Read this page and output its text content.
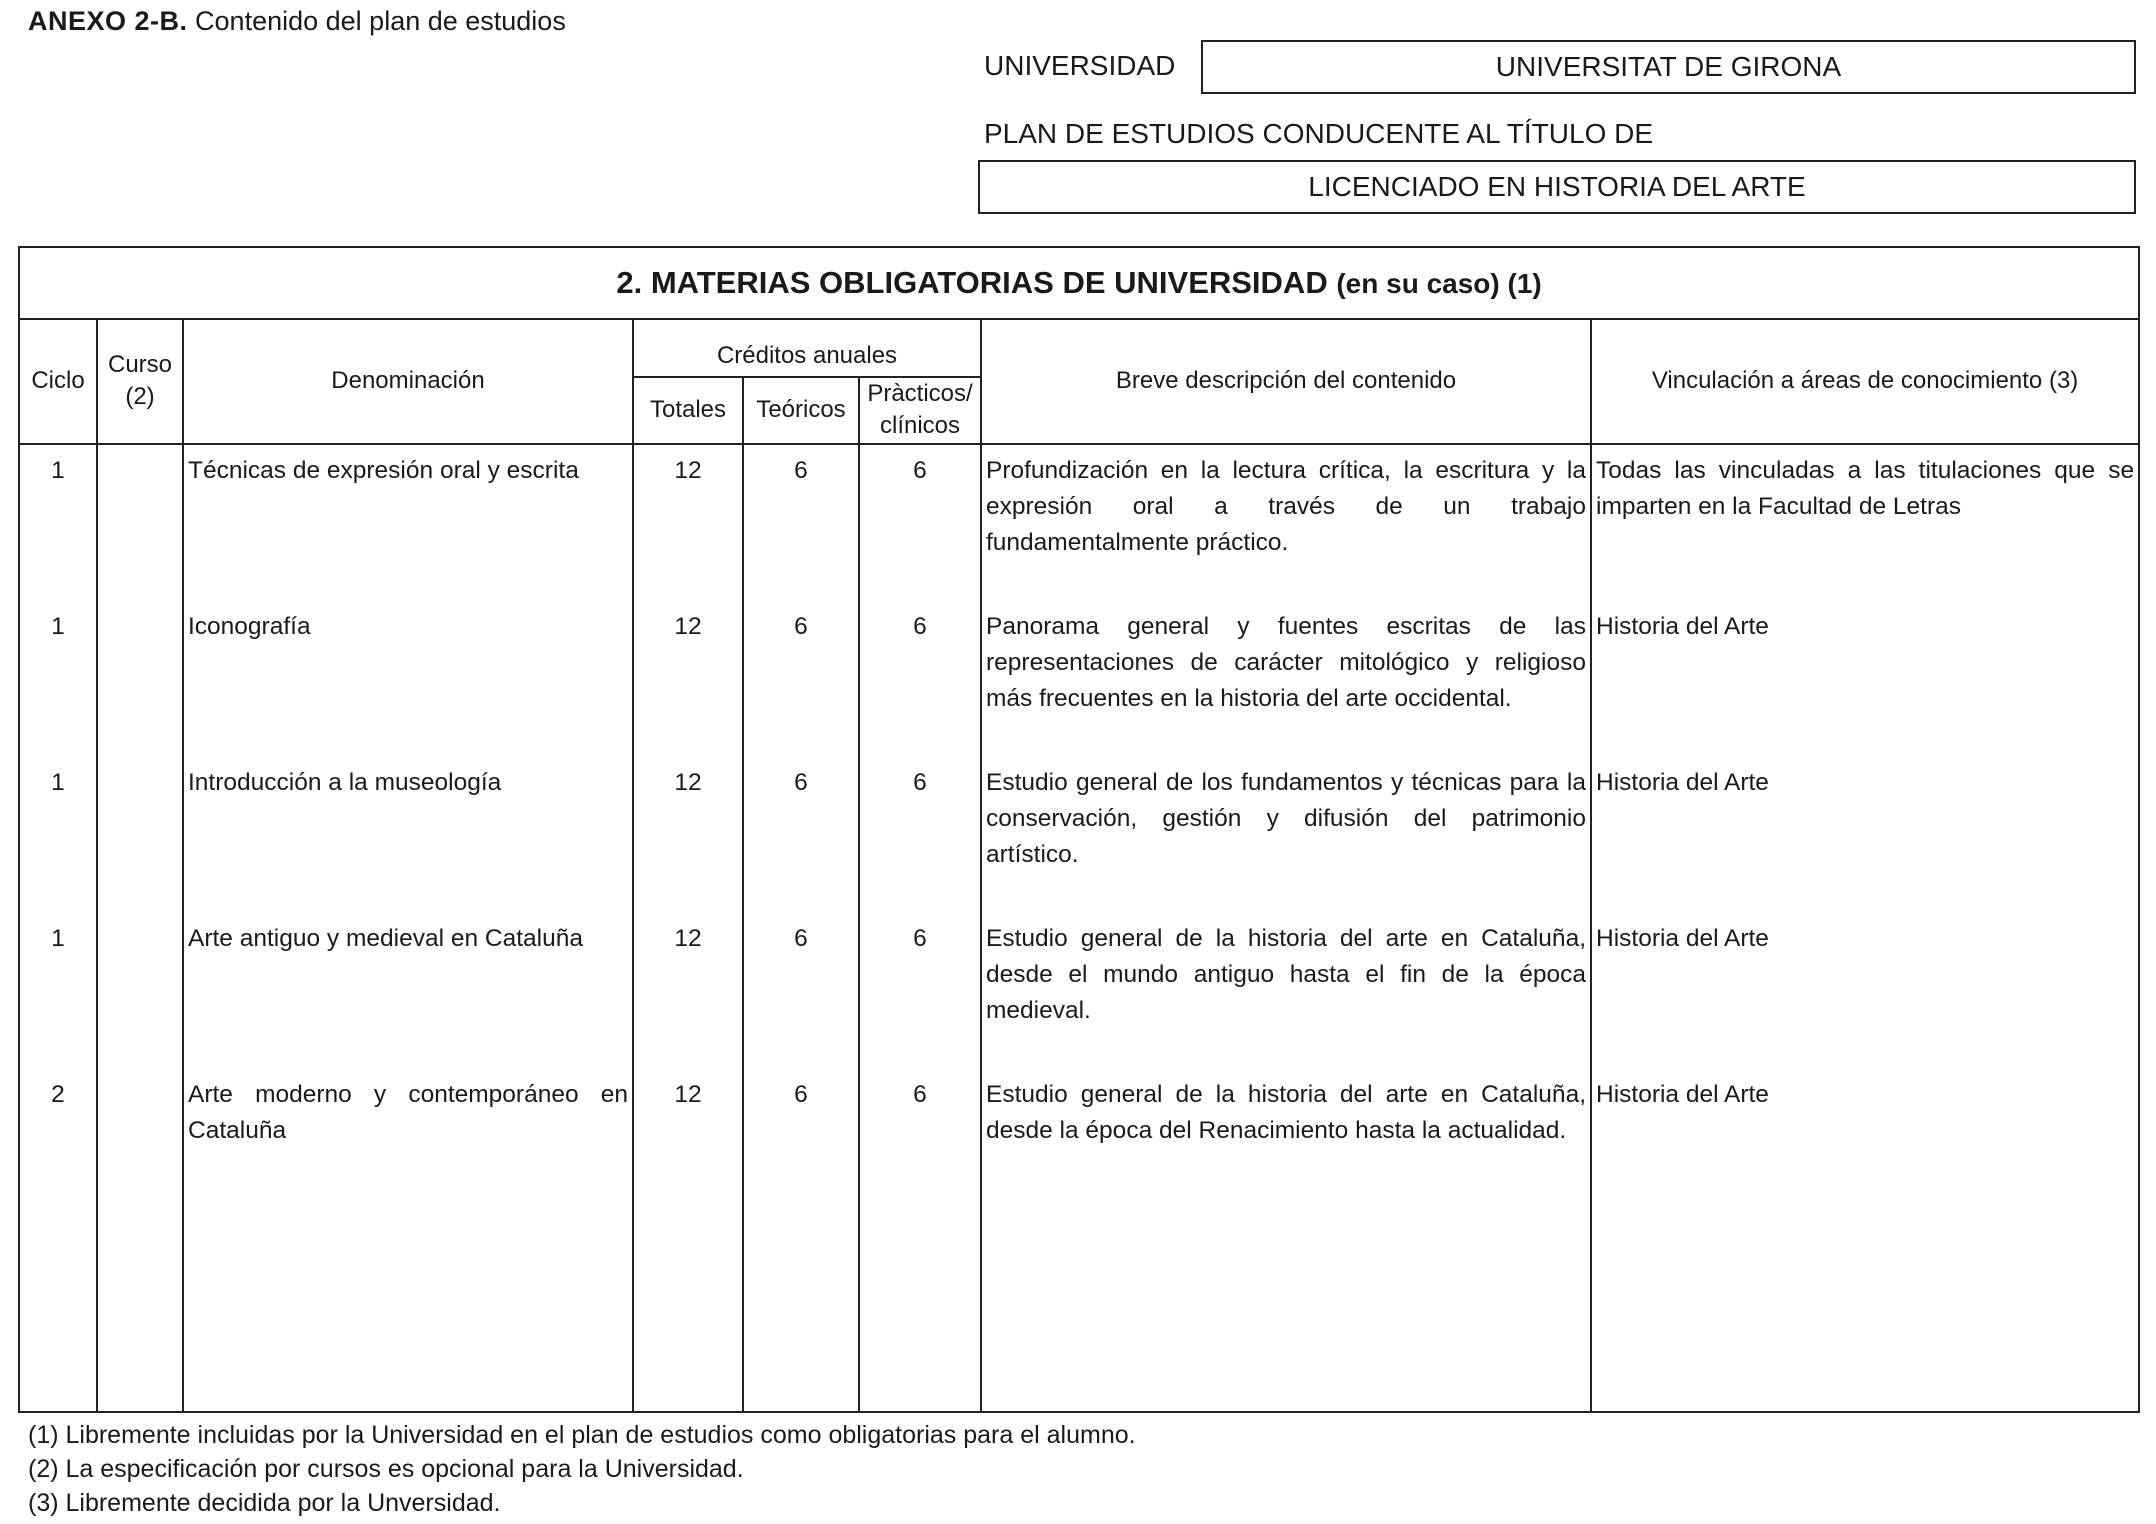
ANEXO 2-B. Contenido del plan de estudios
UNIVERSIDAD	UNIVERSITAT DE GIRONA
PLAN DE ESTUDIOS CONDUCENTE AL TÍTULO DE
LICENCIADO EN HISTORIA DEL ARTE
2. MATERIAS OBLIGATORIAS DE UNIVERSIDAD (en su caso) (1)							
Ciclo	Curso (2)	Denominación	Créditos anuales			Breve descripción del contenido	Vinculación a áreas de conocimiento (3)
			Totales	Teóricos	Pràcticos/ clínicos		

1		Técnicas de expresión oral y escrita	12	6	6	Profundización en la lectura crítica, la escritura y la expresión oral a través de un trabajo fundamentalmente práctico.	Todas las vinculadas a las titulaciones que se imparten en la Facultad de Letras

1		Iconografía	12	6	6	Panorama general y fuentes escritas de las representaciones de carácter mitológico y religioso más frecuentes en la historia del arte occidental.	Historia del Arte

1		Introducción a la museología	12	6	6	Estudio general de los fundamentos y técnicas para la conservación, gestión y difusión del patrimonio artístico.	Historia del Arte

1		Arte antiguo y medieval en Cataluña	12	6	6	Estudio general de la historia del arte en Cataluña, desde el mundo antiguo hasta el fin de la época medieval.	Historia del Arte

2		Arte moderno y contemporáneo en Cataluña	12	6	6	Estudio general de la historia del arte en Cataluña, desde la época del Renacimiento hasta la actualidad.	Historia del Arte

(1) Libremente incluidas por la Universidad en el plan de estudios como obligatorias para el alumno.
(2) La especificación por cursos es opcional para la Universidad.
(3) Libremente decidida por la Unversidad.
